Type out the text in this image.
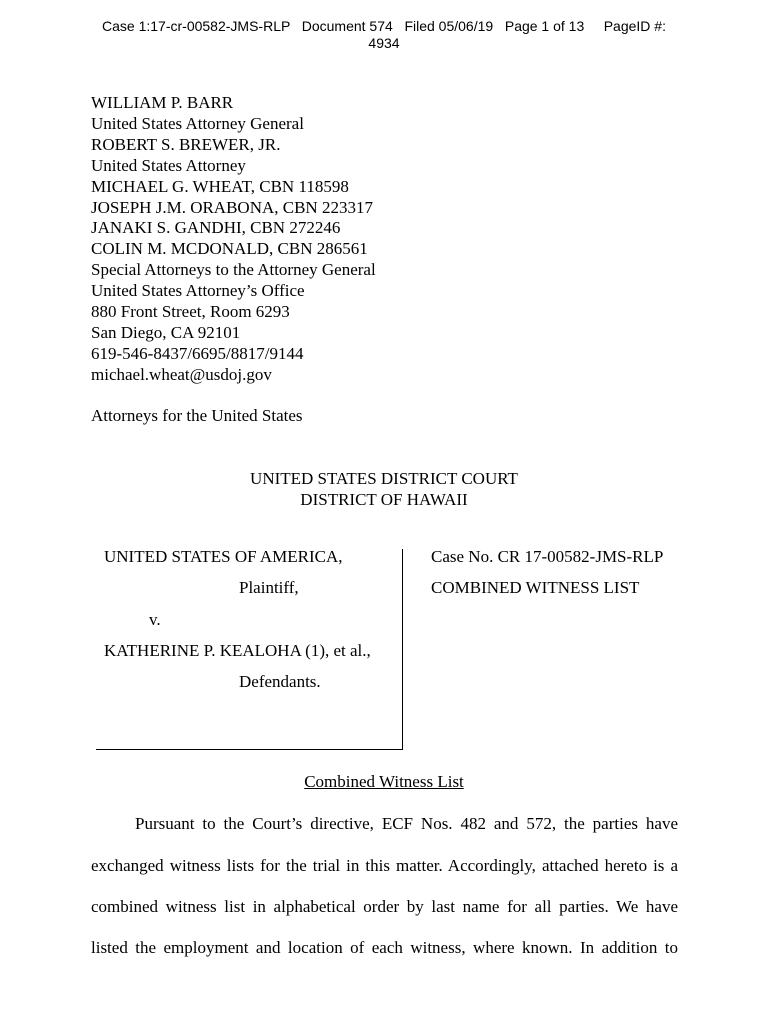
Case 1:17-cr-00582-JMS-RLP   Document 574   Filed 05/06/19   Page 1 of 13     PageID #:
4934
WILLIAM P. BARR
United States Attorney General
ROBERT S. BREWER, JR.
United States Attorney
MICHAEL G. WHEAT, CBN 118598
JOSEPH J.M. ORABONA, CBN 223317
JANAKI S. GANDHI, CBN 272246
COLIN M. MCDONALD, CBN 286561
Special Attorneys to the Attorney General
United States Attorney’s Office
880 Front Street, Room 6293
San Diego, CA 92101
619-546-8437/6695/8817/9144
michael.wheat@usdoj.gov
Attorneys for the United States
UNITED STATES DISTRICT COURT
DISTRICT OF HAWAII
UNITED STATES OF AMERICA,
Plaintiff,
v.
KATHERINE P. KEALOHA (1), et al.,
Defendants.
Case No. CR 17-00582-JMS-RLP
COMBINED WITNESS LIST
Combined Witness List
Pursuant to the Court’s directive, ECF Nos. 482 and 572, the parties have
exchanged witness lists for the trial in this matter. Accordingly, attached hereto is a
combined witness list in alphabetical order by last name for all parties. We have
listed the employment and location of each witness, where known. In addition to
